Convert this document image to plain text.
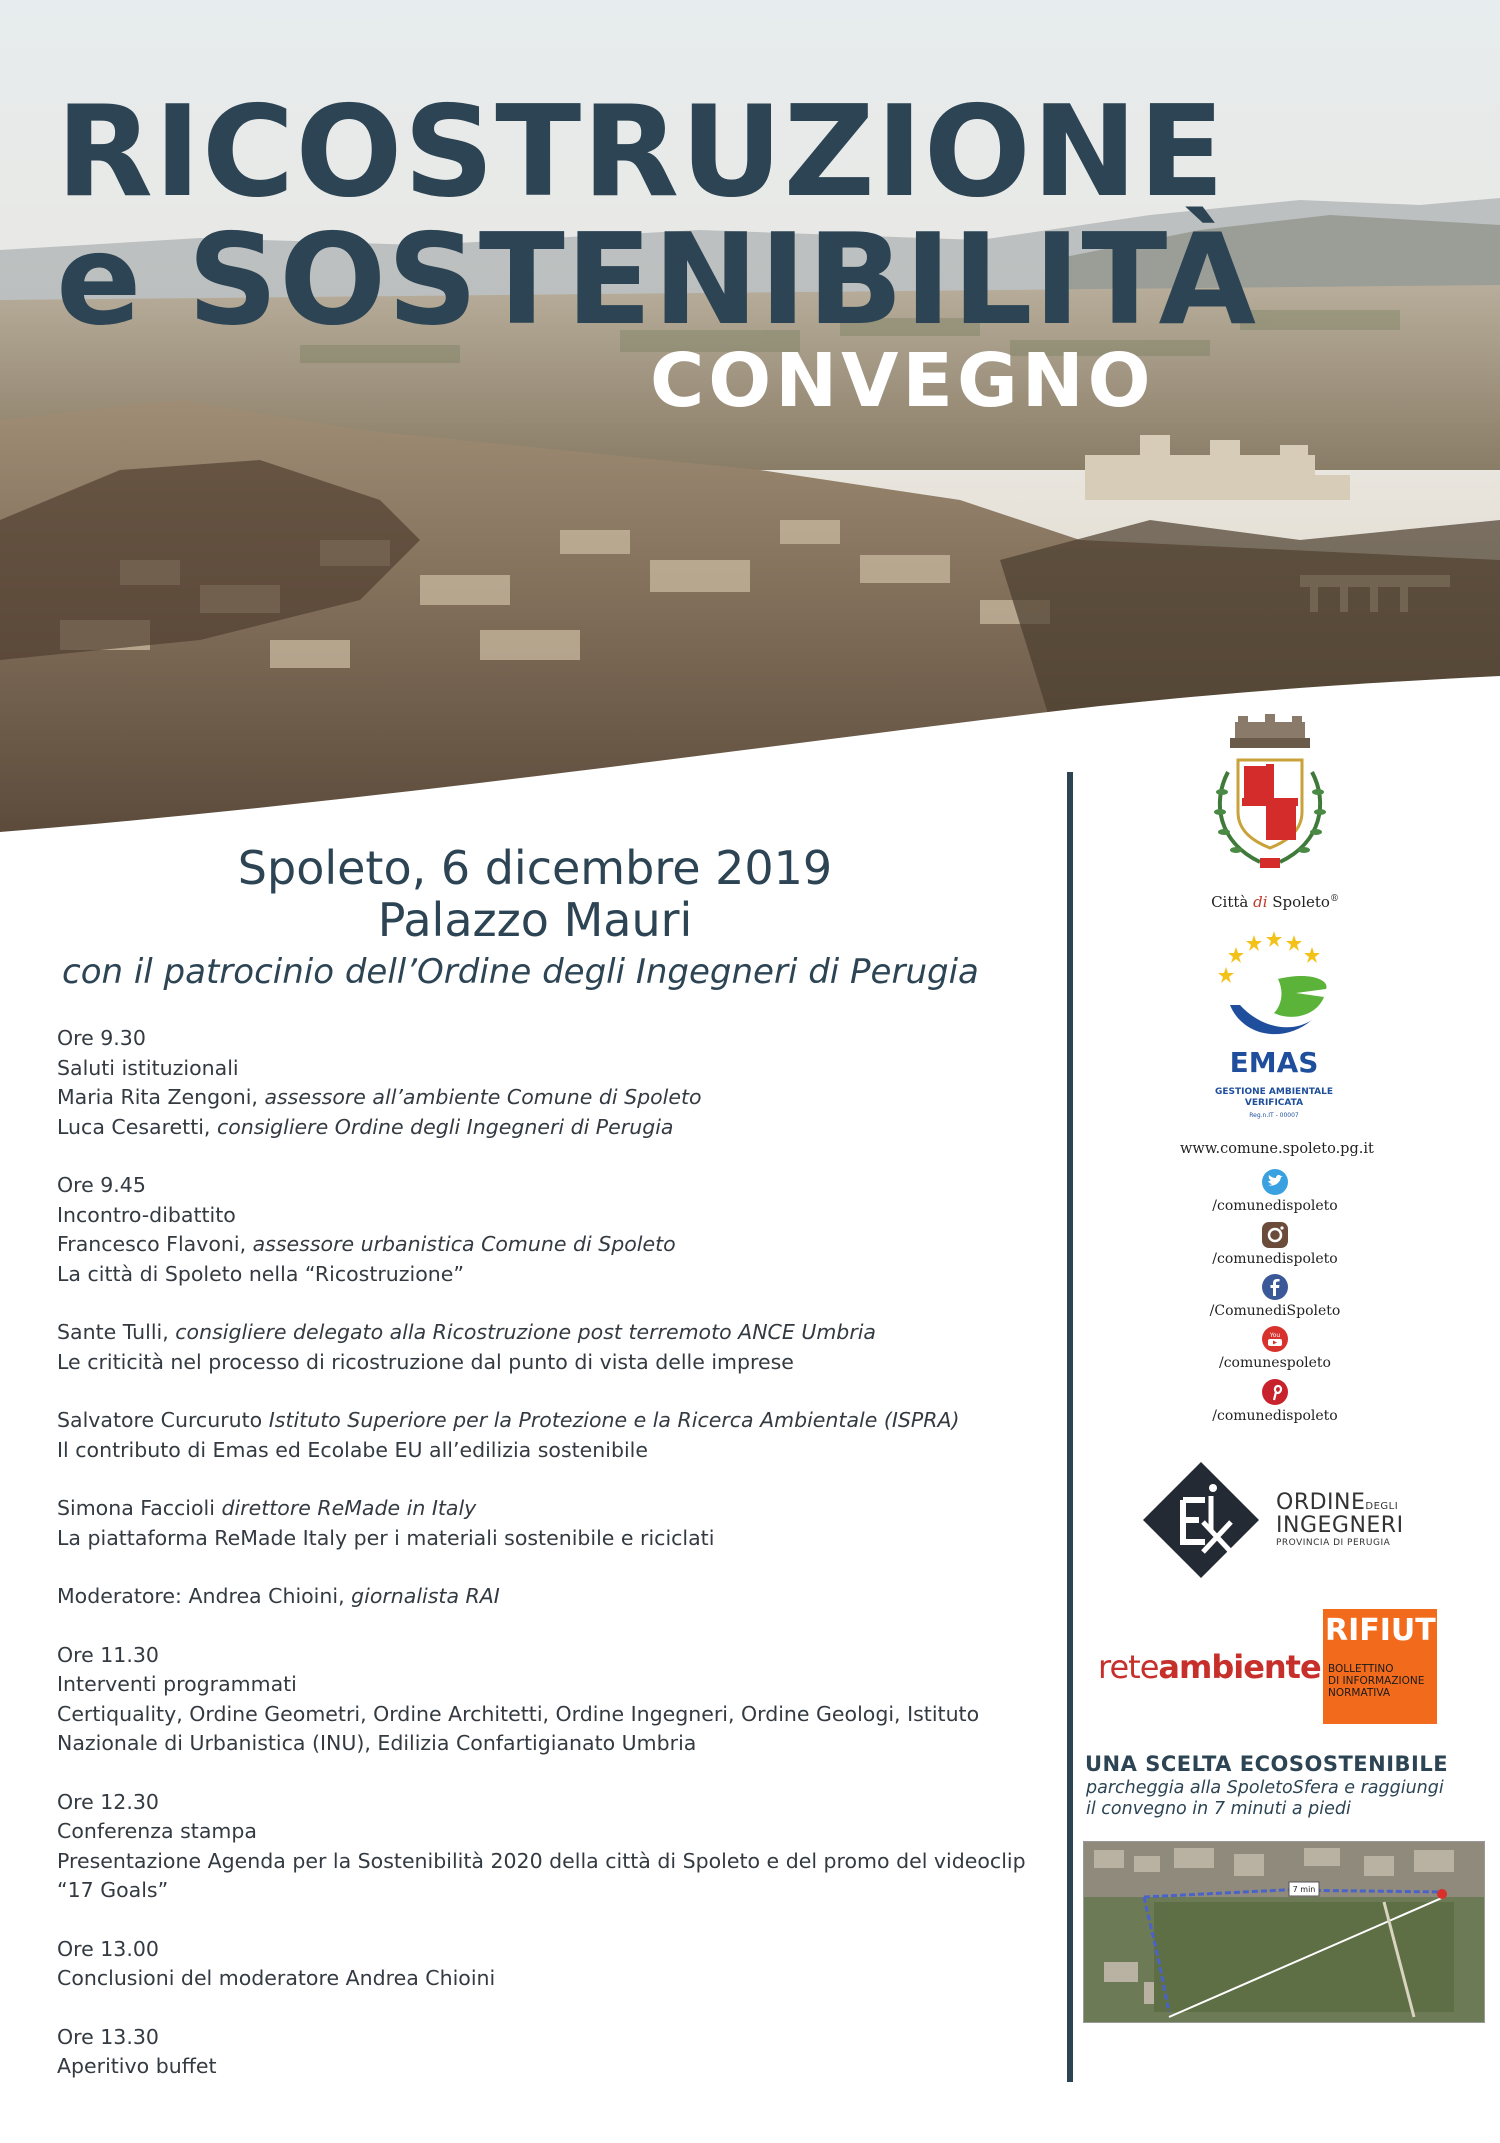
RICOSTRUZIONE
e SOSTENIBILITÀ
CONVEGNO
Spoleto, 6 dicembre 2019
Palazzo Mauri
con il patrocinio dell’Ordine degli Ingegneri di Perugia
Ore 9.30
Saluti istituzionali
Maria Rita Zengoni, assessore all’ambiente Comune di Spoleto
Luca Cesaretti, consigliere Ordine degli Ingegneri di Perugia
Ore 9.45
Incontro-dibattito
Francesco Flavoni, assessore urbanistica Comune di Spoleto
La città di Spoleto nella “Ricostruzione”
Sante Tulli, consigliere delegato alla Ricostruzione post terremoto ANCE Umbria
Le criticità nel processo di ricostruzione dal punto di vista delle imprese
Salvatore Curcuruto Istituto Superiore per la Protezione e la Ricerca Ambientale (ISPRA)
Il contributo di Emas ed Ecolabe EU all’edilizia sostenibile
Simona Faccioli direttore ReMade in Italy
La piattaforma ReMade Italy per i materiali sostenibile e riciclati
Moderatore: Andrea Chioini, giornalista RAI
Ore 11.30
Interventi programmati
Certiquality, Ordine Geometri, Ordine Architetti, Ordine Ingegneri, Ordine Geologi, Istituto Nazionale di Urbanistica (INU), Edilizia Confartigianato Umbria
Ore 12.30
Conferenza stampa
Presentazione Agenda per la Sostenibilità 2020 della città di Spoleto e del promo del videoclip “17 Goals”
Ore 13.00
Conclusioni del moderatore Andrea Chioini
Ore 13.30
Aperitivo buffet
Città di Spoleto®
EMAS
GESTIONE AMBIENTALE VERIFICATA
Reg.n.IT - 00007
www.comune.spoleto.pg.it
/comunedispoleto
/comunedispoleto
/ComunediSpoleto
You
/comunespoleto
/comunedispoleto
ORDINEDEGLI
INGEGNERI
PROVINCIA DI PERUGIA
reteambiente
RIFIUTI
BOLLETTINO
DI INFORMAZIONE
NORMATIVA
UNA SCELTA ECOSOSTENIBILE
parcheggia alla SpoletoSfera e raggiungi
il convegno in 7 minuti a piedi
7 min
